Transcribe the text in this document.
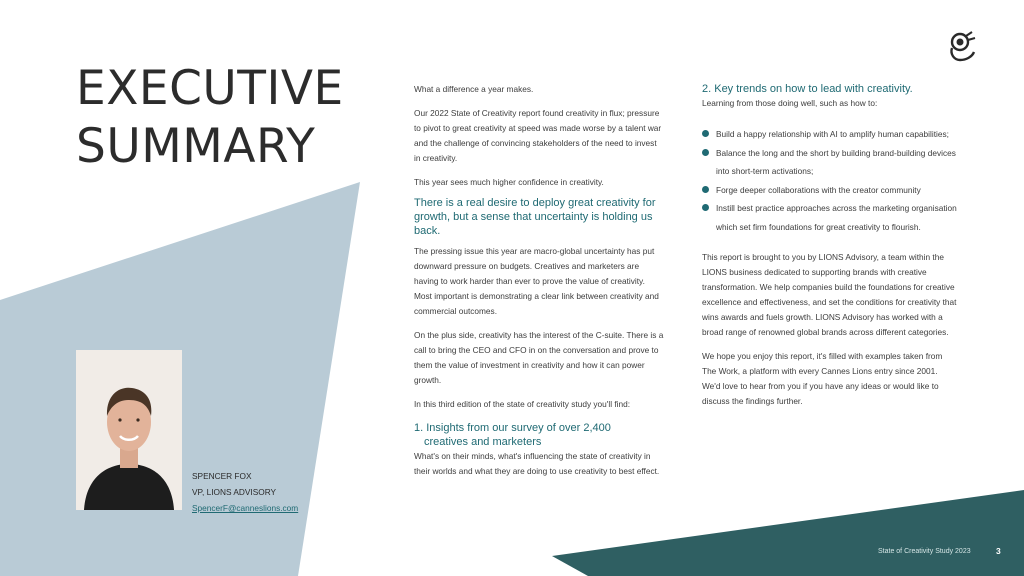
EXECUTIVE
SUMMARY

What a difference a year makes.

Our 2022 State of Creativity report found creativity in flux; pressure to pivot to great creativity at speed was made worse by a talent war and the challenge of convincing stakeholders of the need to invest in creativity.

This year sees much higher confidence in creativity.

There is a real desire to deploy great creativity for growth, but a sense that uncertainty is holding us back.

The pressing issue this year are macro-global uncertainty has put downward pressure on budgets. Creatives and marketers are having to work harder than ever to prove the value of creativity. Most important is demonstrating a clear link between creativity and commercial outcomes.

On the plus side, creativity has the interest of the C-suite. There is a call to bring the CEO and CFO in on the conversation and prove to them the value of investment in creativity and how it can power growth.

In this third edition of the state of creativity study you'll find:

1. Insights from our survey of over 2,400
creatives and marketers

What's on their minds, what's influencing the state of creativity in their worlds and what they are doing to use creativity to best effect.

2. Key trends on how to lead with creativity.

Learning from those doing well, such as how to:

Build a happy relationship with AI to amplify human capabilities;
Balance the long and the short by building brand-building devices into short-term activations;
Forge deeper collaborations with the creator community
Instill best practice approaches across the marketing organisation which set firm foundations for great creativity to flourish.

This report is brought to you by LIONS Advisory, a team within the LIONS business dedicated to supporting brands with creative transformation. We help companies build the foundations for creative excellence and effectiveness, and set the conditions for creativity that wins awards and fuels growth. LIONS Advisory has worked with a broad range of renowned global brands across different categories.

We hope you enjoy this report, it's filled with examples taken from The Work, a platform with every Cannes Lions entry since 2001. We'd love to hear from you if you have any ideas or would like to discuss the findings further.

SPENCER FOX
VP, LIONS ADVISORY
SpencerF@canneslions.com
State of Creativity Study 2023	3
